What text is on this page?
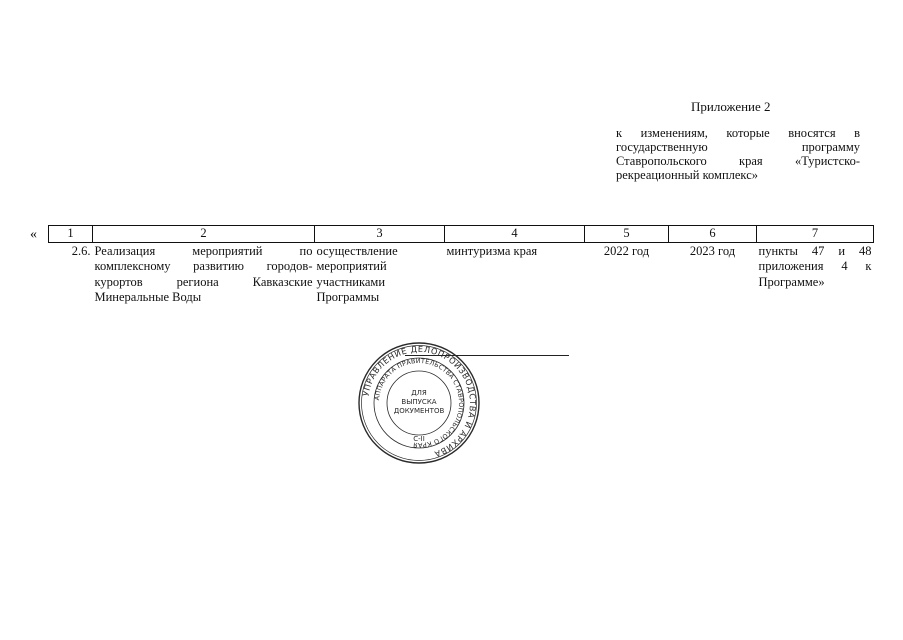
Приложение 2
к изменениям, которые вносятся в государственную программу Ставропольского края «Туристско-рекреационный комплекс»
« 1	2	3	4	5	6	7
2.6.	Реализация мероприятий по комплексному развитию городов-курортов региона Кавказские Минеральные Воды	осуществление мероприятий участниками Программы	минтуризма края	2022 год	2023 год	пункты 47 и 48 приложения 4 к Программе»
УПРАВЛЕНИЕ ДЕЛОПРОИЗВОДСТВА И АРХИВА
АППАРАТА ПРАВИТЕЛЬСТВА СТАВРОПОЛЬСКОГО КРАЯ
ДЛЯ
ВЫПУСКА
ДОКУМЕНТОВ
С-II
